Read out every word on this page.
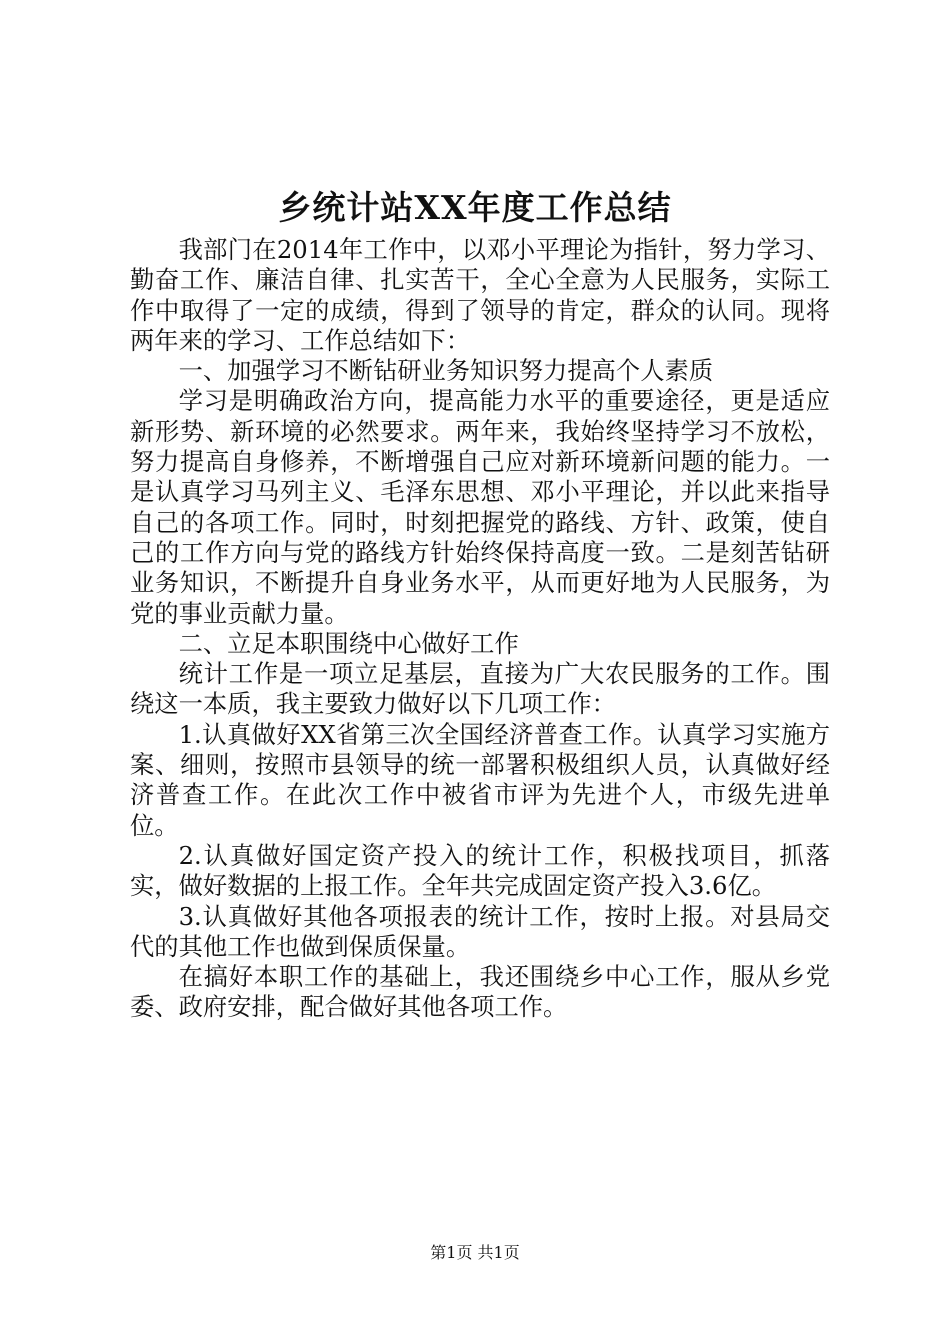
乡统计站XX年度工作总结

我部门在2014年工作中，以邓小平理论为指针，努力学习、勤奋工作、廉洁自律、扎实苦干，全心全意为人民服务，实际工作中取得了一定的成绩，得到了领导的肯定，群众的认同。现将两年来的学习、工作总结如下：

一、加强学习不断钻研业务知识努力提高个人素质

学习是明确政治方向，提高能力水平的重要途径，更是适应新形势、新环境的必然要求。两年来，我始终坚持学习不放松，努力提高自身修养，不断增强自己应对新环境新问题的能力。一是认真学习马列主义、毛泽东思想、邓小平理论，并以此来指导自己的各项工作。同时，时刻把握党的路线、方针、政策，使自己的工作方向与党的路线方针始终保持高度一致。二是刻苦钻研业务知识，不断提升自身业务水平，从而更好地为人民服务，为党的事业贡献力量。

二、立足本职围绕中心做好工作

统计工作是一项立足基层，直接为广大农民服务的工作。围绕这一本质，我主要致力做好以下几项工作：

1.认真做好XX省第三次全国经济普查工作。认真学习实施方案、细则，按照市县领导的统一部署积极组织人员，认真做好经济普查工作。在此次工作中被省市评为先进个人，市级先进单位。

2.认真做好国定资产投入的统计工作，积极找项目，抓落实，做好数据的上报工作。全年共完成固定资产投入3.6亿。

3.认真做好其他各项报表的统计工作，按时上报。对县局交代的其他工作也做到保质保量。

在搞好本职工作的基础上，我还围绕乡中心工作，服从乡党委、政府安排，配合做好其他各项工作。

第1页 共1页
